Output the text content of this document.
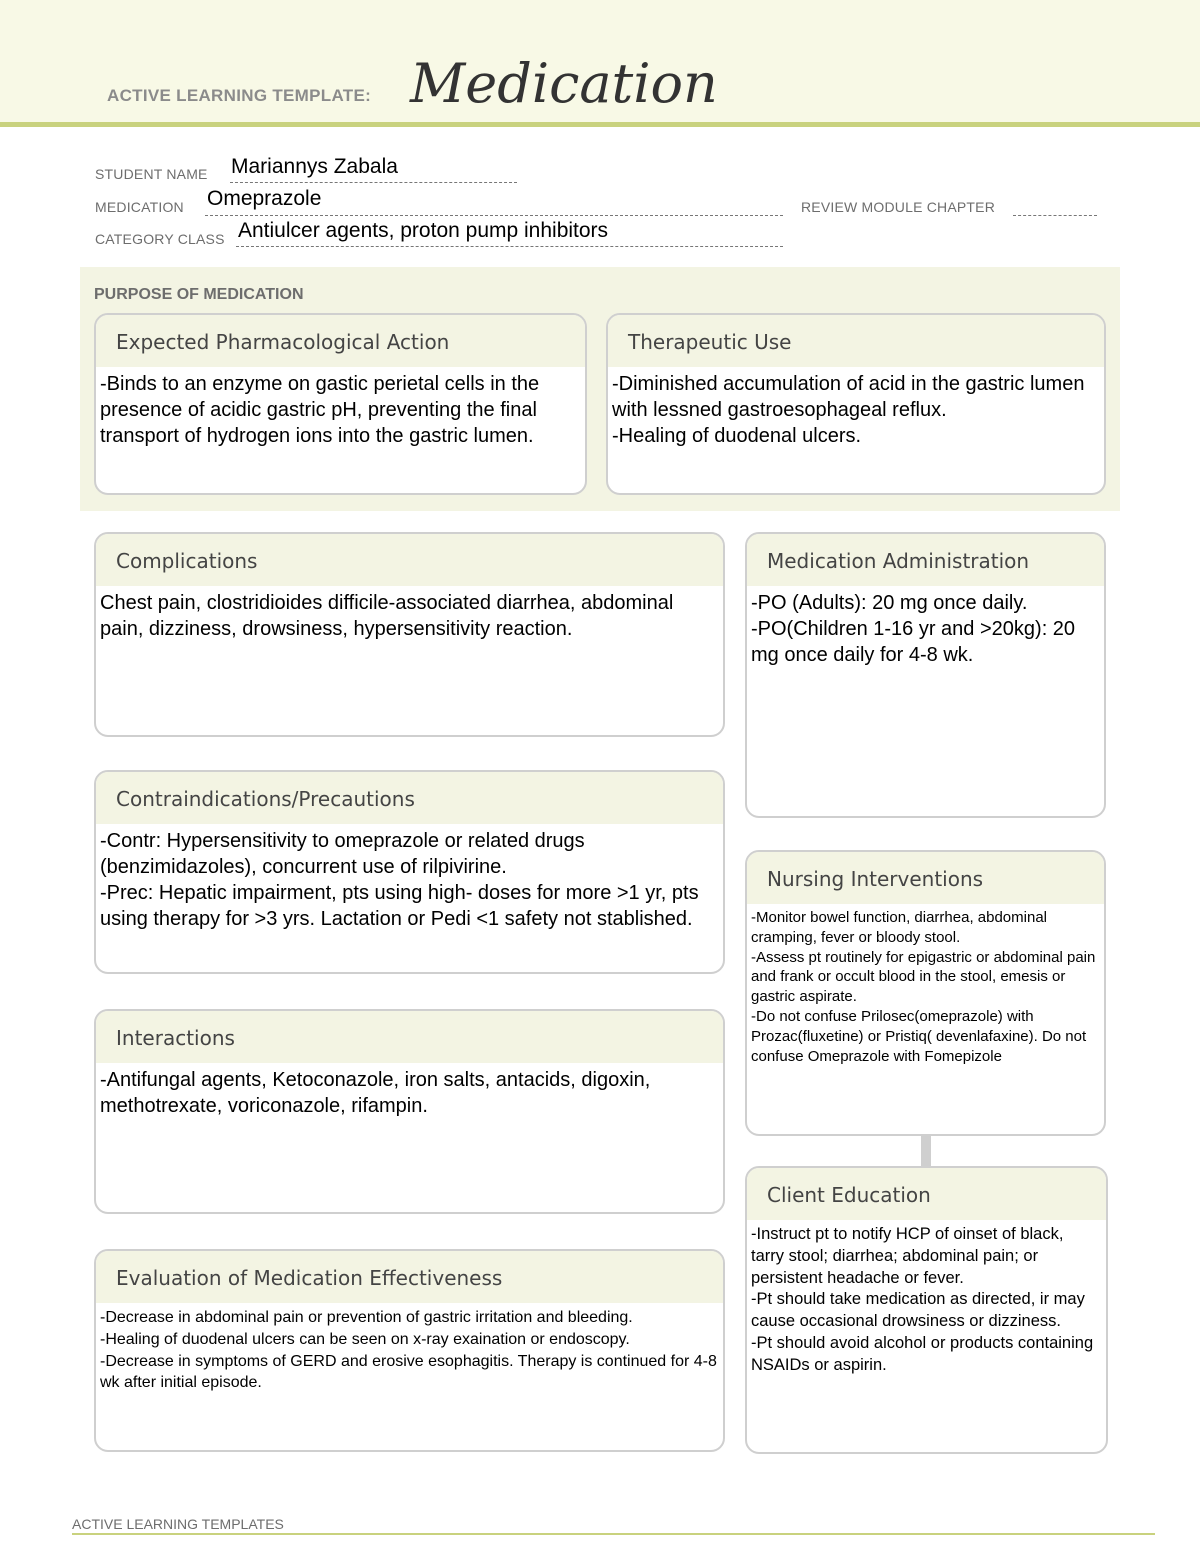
ACTIVE LEARNING TEMPLATE: Medication
STUDENT NAME Mariannys Zabala
MEDICATION Omeprazole	REVIEW MODULE CHAPTER
CATEGORY CLASS Antiulcer agents, proton pump inhibitors
PURPOSE OF MEDICATION
Expected Pharmacological Action

-Binds to an enzyme on gastic perietal cells in the presence of acidic gastric pH, preventing the final transport of hydrogen ions into the gastric lumen.

Therapeutic Use

-Diminished accumulation of acid in the gastric lumen with lessned gastroesophageal reflux.

-Healing of duodenal ulcers.

Complications

Chest pain, clostridioides difficile-associated diarrhea, abdominal pain, dizziness, drowsiness, hypersensitivity reaction.

Medication Administration

-PO (Adults): 20 mg once daily.

-PO(Children 1-16 yr and >20kg): 20 mg once daily for 4-8 wk.

Contraindications/Precautions

-Contr: Hypersensitivity to omeprazole or related drugs (benzimidazoles), concurrent use of rilpivirine.

-Prec: Hepatic impairment, pts using high- doses for more >1 yr, pts using therapy for >3 yrs. Lactation or Pedi <1 safety not stablished.

Nursing Interventions

-Monitor bowel function, diarrhea, abdominal cramping, fever or bloody stool.

-Assess pt routinely for epigastric or abdominal pain and frank or occult blood in the stool, emesis or gastric aspirate.

-Do not confuse Prilosec(omeprazole) with Prozac(fluxetine) or Pristiq( devenlafaxine). Do not confuse Omeprazole with Fomepizole

Interactions

-Antifungal agents, Ketoconazole, iron salts, antacids, digoxin, methotrexate, voriconazole, rifampin.

Client Education

-Instruct pt to notify HCP of oinset of black, tarry stool; diarrhea; abdominal pain; or persistent headache or fever.

-Pt should take medication as directed, ir may cause occasional drowsiness or dizziness.

-Pt should avoid alcohol or products containing NSAIDs or aspirin.

Evaluation of Medication Effectiveness

-Decrease in abdominal pain or prevention of gastric irritation and bleeding.

-Healing of duodenal ulcers can be seen on x-ray exaination or endoscopy.

-Decrease in symptoms of GERD and erosive esophagitis. Therapy is continued for 4-8 wk after initial episode.

ACTIVE LEARNING TEMPLATES
